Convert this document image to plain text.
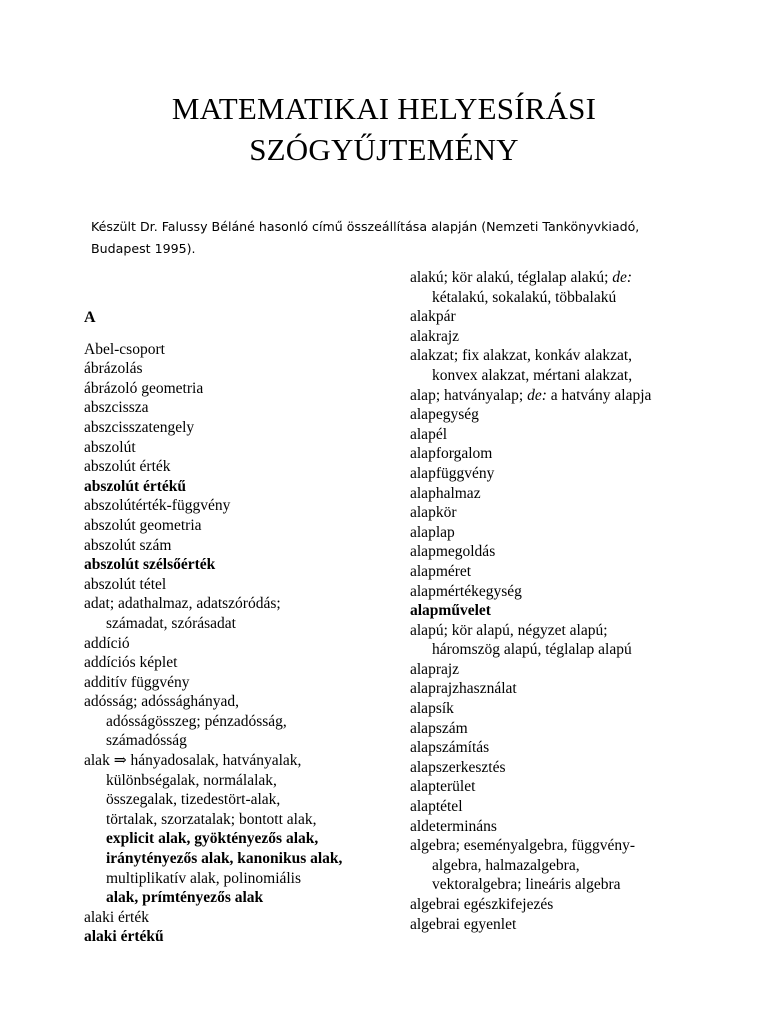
MATEMATIKAI HELYESÍRÁSI
SZÓGYŰJTEMÉNY
Készült Dr. Falussy Béláné hasonló című összeállítása alapján (Nemzeti Tankönyvkiadó,
Budapest 1995).
A
Abel-csoport
ábrázolás
ábrázoló geometria
abszcissza
abszcisszatengely
abszolút
abszolút érték
abszolút értékű
abszolútérték-függvény
abszolút geometria
abszolút szám
abszolút szélsőérték
abszolút tétel
adat; adathalmaz, adatszóródás;
számadat, szórásadat
addíció
addíciós képlet
additív függvény
adósság; adóssághányad,
adósságösszeg; pénzadósság,
számadósság
alak ⇒ hányadosalak, hatványalak,
különbségalak, normálalak,
összegalak, tizedestört-alak,
törtalak, szorzatalak; bontott alak,
explicit alak, gyöktényezős alak,
iránytényezős alak, kanonikus alak,
multiplikatív alak, polinomiális
alak, prímtényezős alak
alaki érték
alaki értékű
alakú; kör alakú, téglalap alakú; de:
kétalakú, sokalakú, többalakú
alakpár
alakrajz
alakzat; fix alakzat, konkáv alakzat,
konvex alakzat, mértani alakzat,
alap; hatványalap; de: a hatvány alapja
alapegység
alapél
alapforgalom
alapfüggvény
alaphalmaz
alapkör
alaplap
alapmegoldás
alapméret
alapmértékegység
alapművelet
alapú; kör alapú, négyzet alapú;
háromszög alapú, téglalap alapú
alaprajz
alaprajzhasználat
alapsík
alapszám
alapszámítás
alapszerkesztés
alapterület
alaptétel
aldetermináns
algebra; eseményalgebra, függvény-
algebra, halmazalgebra,
vektoralgebra; lineáris algebra
algebrai egészkifejezés
algebrai egyenlet
